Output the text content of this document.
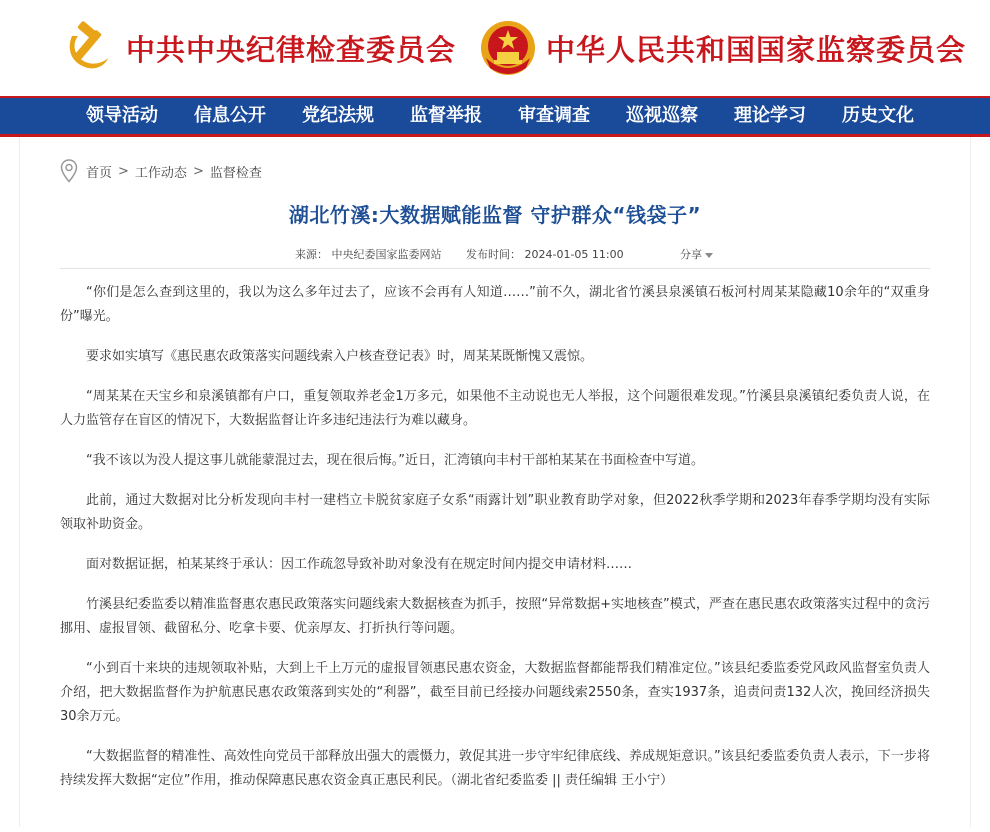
中共中央纪律检查委员会	中华人民共和国国家监察委员会
领导活动	信息公开	党纪法规	监督举报	审查调查	巡视巡察	理论学习	历史文化
首页 > 工作动态 > 监督检查
湖北竹溪:大数据赋能监督 守护群众“钱袋子”
来源： 中央纪委国家监委网站 发布时间： 2024-01-05 11:00	分享

“你们是怎么查到这里的，我以为这么多年过去了，应该不会再有人知道……”前不久，湖北省竹溪县泉溪镇石板河村周某某隐藏10余年的“双重身份”曝光。

要求如实填写《惠民惠农政策落实问题线索入户核查登记表》时，周某某既惭愧又震惊。

“周某某在天宝乡和泉溪镇都有户口，重复领取养老金1万多元，如果他不主动说也无人举报，这个问题很难发现。”竹溪县泉溪镇纪委负责人说，在人力监管存在盲区的情况下，大数据监督让许多违纪违法行为难以藏身。

“我不该以为没人提这事儿就能蒙混过去，现在很后悔。”近日，汇湾镇向丰村干部柏某某在书面检查中写道。

此前，通过大数据对比分析发现向丰村一建档立卡脱贫家庭子女系“雨露计划”职业教育助学对象，但2022秋季学期和2023年春季学期均没有实际领取补助资金。

面对数据证据，柏某某终于承认：因工作疏忽导致补助对象没有在规定时间内提交申请材料……

竹溪县纪委监委以精准监督惠农惠民政策落实问题线索大数据核查为抓手，按照“异常数据+实地核查”模式，严查在惠民惠农政策落实过程中的贪污挪用、虚报冒领、截留私分、吃拿卡要、优亲厚友、打折执行等问题。

“小到百十来块的违规领取补贴，大到上千上万元的虚报冒领惠民惠农资金，大数据监督都能帮我们精准定位。”该县纪委监委党风政风监督室负责人介绍，把大数据监督作为护航惠民惠农政策落到实处的“利器”，截至目前已经接办问题线索2550条，查实1937条，追责问责132人次，挽回经济损失30余万元。

“大数据监督的精准性、高效性向党员干部释放出强大的震慑力，敦促其进一步守牢纪律底线、养成规矩意识。”该县纪委监委负责人表示，下一步将持续发挥大数据“定位”作用，推动保障惠民惠农资金真正惠民利民。（湖北省纪委监委 || 责任编辑 王小宁）
